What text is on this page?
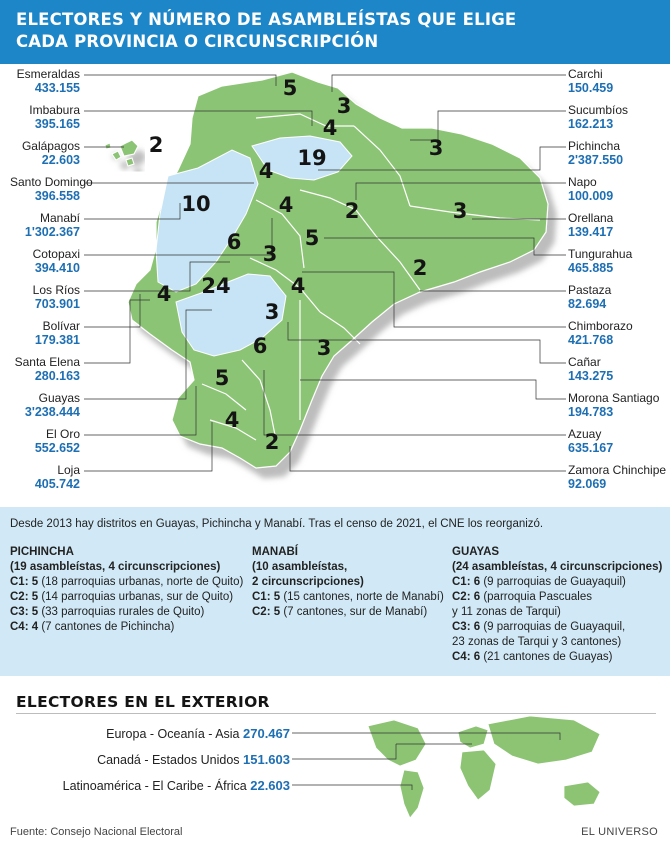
ELECTORES Y NÚMERO DE ASAMBLEÍSTAS QUE ELIGE
CADA PROVINCIA O CIRCUNSCRIPCIÓN
Esmeraldas
433.155
Imbabura
395.165
Galápagos
22.603
Santo Domingo
396.558
Manabí
1'302.367
Cotopaxi
394.410
Los Ríos
703.901
Bolívar
179.381
Santa Elena
280.163
Guayas
3'238.444
El Oro
552.652
Loja
405.742
Carchi
150.459
Sucumbíos
162.213
Pichincha
2'387.550
Napo
100.009
Orellana
139.417
Tungurahua
465.885
Pastaza
82.694
Chimborazo
421.768
Cañar
143.275
Morona Santiago
194.783
Azuay
635.167
Zamora Chinchipe
92.069
5
3
4
3
2
19
4
2	3
10	4
6 3
5
2
4
4 24
3
6 3
5
4
2
Desde 2013 hay distritos en Guayas, Pichincha y Manabí. Tras el censo de 2021, el CNE los reorganizó.
PICHINCHA
(19 asambleístas, 4 circunscripciones)
C1: 5 (18 parroquias urbanas, norte de Quito)
C2: 5 (14 parroquias urbanas, sur de Quito)
C3: 5 (33 parroquias rurales de Quito)
C4: 4 (7 cantones de Pichincha)
MANABÍ
(10 asambleístas,
2 circunscripciones)
C1: 5 (15 cantones, norte de Manabí)
C2: 5 (7 cantones, sur de Manabí)
GUAYAS
(24 asambleístas, 4 circunscripciones)
C1: 6 (9 parroquias de Guayaquil)
C2: 6 (parroquia Pascuales
y 11 zonas de Tarqui)
C3: 6 (9 parroquias de Guayaquil,
23 zonas de Tarqui y 3 cantones)
C4: 6 (21 cantones de Guayas)
ELECTORES EN EL EXTERIOR
Europa - Oceanía - Asia 270.467
Canadá - Estados Unidos 151.603
Latinoamérica - El Caribe - África 22.603
Fuente: Consejo Nacional Electoral	EL UNIVERSO
